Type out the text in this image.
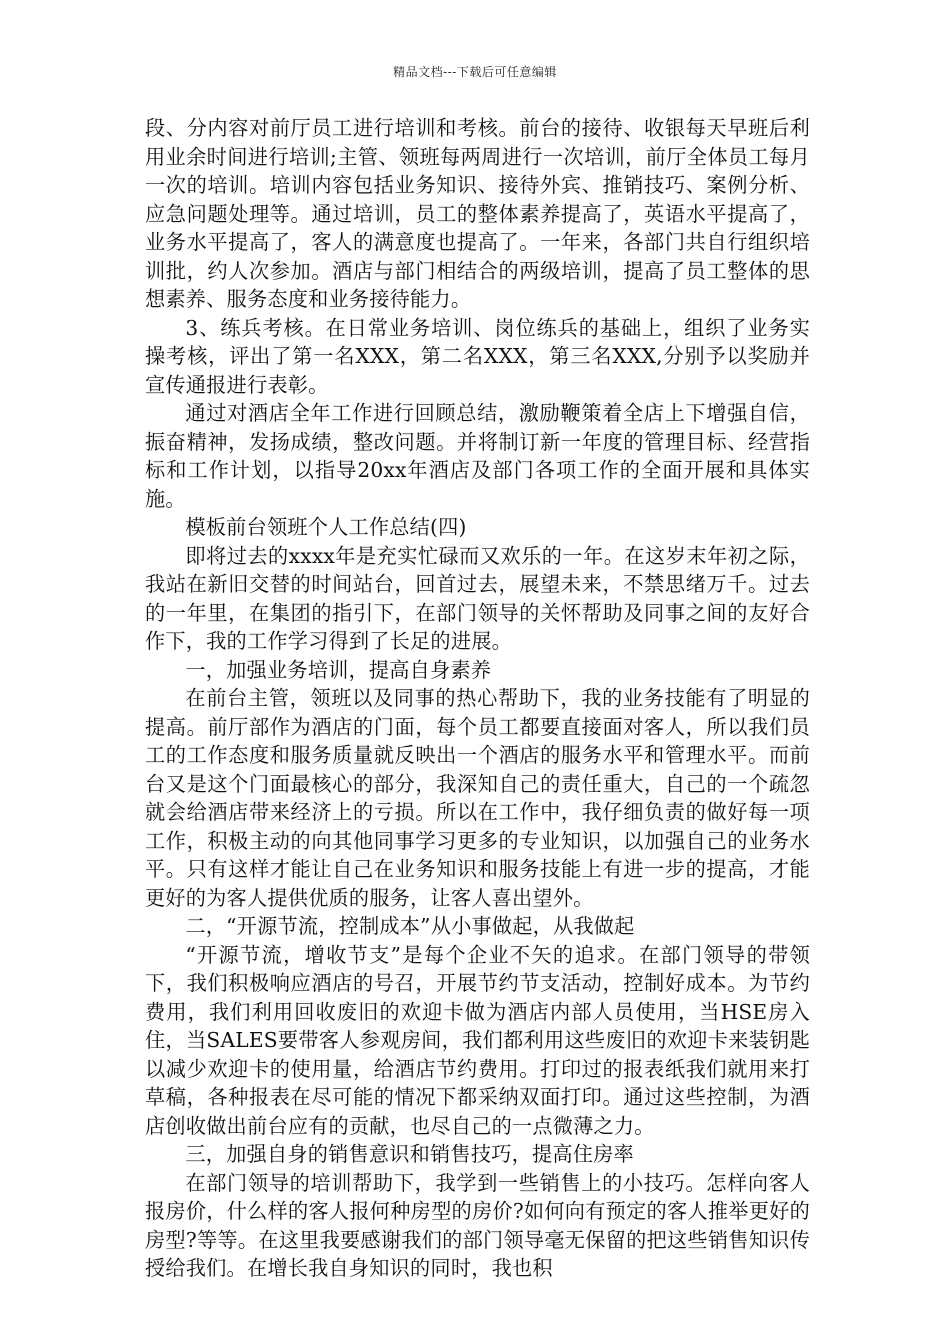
精品文档---下载后可任意编辑

段、分内容对前厅员工进行培训和考核。前台的接待、收银每天早班后利用业余时间进行培训;主管、领班每两周进行一次培训，前厅全体员工每月一次的培训。培训内容包括业务知识、接待外宾、推销技巧、案例分析、应急问题处理等。通过培训，员工的整体素养提高了，英语水平提高了，业务水平提高了，客人的满意度也提高了。一年来，各部门共自行组织培训批，约人次参加。酒店与部门相结合的两级培训，提高了员工整体的思想素养、服务态度和业务接待能力。

3、练兵考核。在日常业务培训、岗位练兵的基础上，组织了业务实操考核，评出了第一名XXX，第二名XXX，第三名XXX,分别予以奖励并宣传通报进行表彰。

通过对酒店全年工作进行回顾总结，激励鞭策着全店上下增强自信，振奋精神，发扬成绩，整改问题。并将制订新一年度的管理目标、经营指标和工作计划，以指导20xx年酒店及部门各项工作的全面开展和具体实施。

模板前台领班个人工作总结(四)

即将过去的xxxx年是充实忙碌而又欢乐的一年。在这岁末年初之际，我站在新旧交替的时间站台，回首过去，展望未来，不禁思绪万千。过去的一年里，在集团的指引下，在部门领导的关怀帮助及同事之间的友好合作下，我的工作学习得到了长足的进展。

一，加强业务培训，提高自身素养

在前台主管，领班以及同事的热心帮助下，我的业务技能有了明显的提高。前厅部作为酒店的门面，每个员工都要直接面对客人，所以我们员工的工作态度和服务质量就反映出一个酒店的服务水平和管理水平。而前台又是这个门面最核心的部分，我深知自己的责任重大，自己的一个疏忽就会给酒店带来经济上的亏损。所以在工作中，我仔细负责的做好每一项工作，积极主动的向其他同事学习更多的专业知识，以加强自己的业务水平。只有这样才能让自己在业务知识和服务技能上有进一步的提高，才能更好的为客人提供优质的服务，让客人喜出望外。

二，“开源节流，控制成本”从小事做起，从我做起

“开源节流，增收节支”是每个企业不矢的追求。在部门领导的带领下，我们积极响应酒店的号召，开展节约节支活动，控制好成本。为节约费用，我们利用回收废旧的欢迎卡做为酒店内部人员使用，当HSE房入住，当SALES要带客人参观房间，我们都利用这些废旧的欢迎卡来装钥匙以减少欢迎卡的使用量，给酒店节约费用。打印过的报表纸我们就用来打草稿，各种报表在尽可能的情况下都采纳双面打印。通过这些控制，为酒店创收做出前台应有的贡献，也尽自己的一点微薄之力。

三，加强自身的销售意识和销售技巧，提高住房率

在部门领导的培训帮助下，我学到一些销售上的小技巧。怎样向客人报房价，什么样的客人报何种房型的房价?如何向有预定的客人推举更好的房型?等等。在这里我要感谢我们的部门领导毫无保留的把这些销售知识传授给我们。在增长我自身知识的同时，我也积
